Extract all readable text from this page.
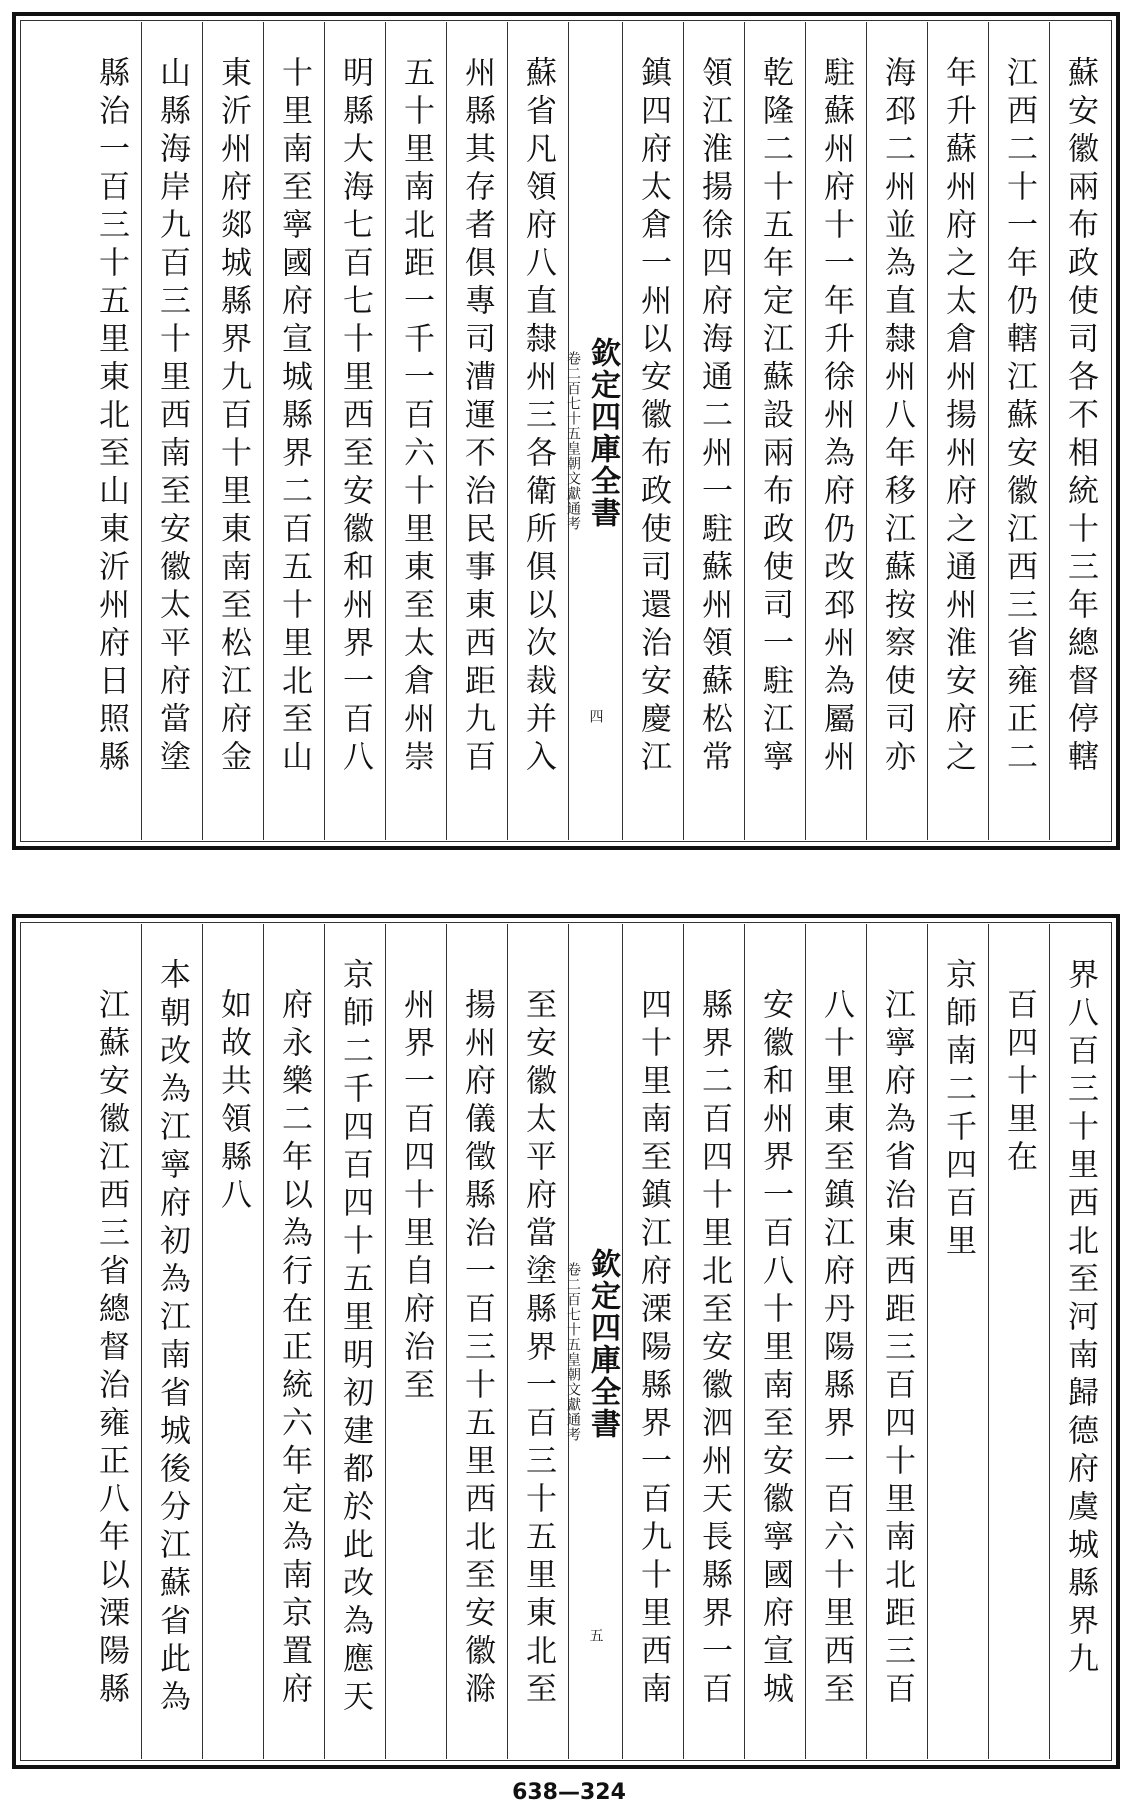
蘇安徽兩布政使司各不相統十三年總督停轄
江西二十一年仍轄江蘇安徽江西三省雍正二
年升蘇州府之太倉州揚州府之通州淮安府之
海邳二州並為直隸州八年移江蘇按察使司亦
駐蘇州府十一年升徐州為府仍改邳州為屬州
乾隆二十五年定江蘇設兩布政使司一駐江寧
領江淮揚徐四府海通二州一駐蘇州領蘇松常
鎮四府太倉一州以安徽布政使司還治安慶江
欽定四庫全書
皇朝文獻通考
卷二百七十五
四
蘇省凡領府八直隸州三各衛所俱以次裁并入
州縣其存者俱專司漕運不治民事東西距九百
五十里南北距一千一百六十里東至太倉州崇
明縣大海七百七十里西至安徽和州界一百八
十里南至寧國府宣城縣界二百五十里北至山
東沂州府郯城縣界九百十里東南至松江府金
山縣海岸九百三十里西南至安徽太平府當塗
縣治一百三十五里東北至山東沂州府日照縣
界八百三十里西北至河南歸德府虞城縣界九
百四十里在
京師南二千四百里
江寧府為省治東西距三百四十里南北距三百
八十里東至鎮江府丹陽縣界一百六十里西至
安徽和州界一百八十里南至安徽寧國府宣城
縣界二百四十里北至安徽泗州天長縣界一百
四十里南至鎮江府溧陽縣界一百九十里西南
欽定四庫全書
皇朝文獻通考
卷二百七十五
五
至安徽太平府當塗縣界一百三十五里東北至
揚州府儀徵縣治一百三十五里西北至安徽滁
州界一百四十里自府治至
京師二千四百四十五里明初建都於此改為應天
府永樂二年以為行在正統六年定為南京置府
如故共領縣八
本朝改為江寧府初為江南省城後分江蘇省此為
江蘇安徽江西三省總督治雍正八年以溧陽縣
638—324
